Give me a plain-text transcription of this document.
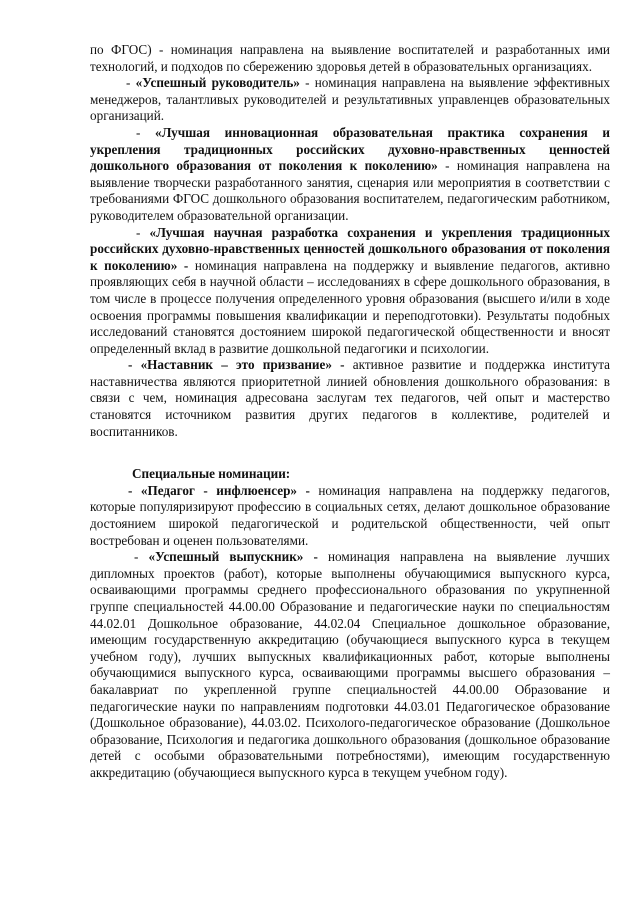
по ФГОС) - номинация направлена на выявление воспитателей и разработанных ими технологий, и подходов по сбережению здоровья детей в образовательных организациях.

- «Успешный руководитель» - номинация направлена на выявление эффективных менеджеров, талантливых руководителей и результативных управленцев образовательных организаций.

- «Лучшая инновационная образовательная практика сохранения и укрепления традиционных российских духовно-нравственных ценностей дошкольного образования от поколения к поколению» - номинация направлена на выявление творчески разработанного занятия, сценария или мероприятия в соответствии с требованиями ФГОС дошкольного образования воспитателем, педагогическим работником, руководителем образовательной организации.

- «Лучшая научная разработка сохранения и укрепления традиционных российских духовно-нравственных ценностей дошкольного образования от поколения к поколению» - номинация направлена на поддержку и выявление педагогов, активно проявляющих себя в научной области – исследованиях в сфере дошкольного образования, в том числе в процессе получения определенного уровня образования (высшего и/или в ходе освоения программы повышения квалификации и переподготовки). Результаты подобных исследований становятся достоянием широкой педагогической общественности и вносят определенный вклад в развитие дошкольной педагогики и психологии.

- «Наставник – это призвание» - активное развитие и поддержка института наставничества являются приоритетной линией обновления дошкольного образования: в связи с чем, номинация адресована заслугам тех педагогов, чей опыт и мастерство становятся источником развития других педагогов в коллективе, родителей и воспитанников.

Специальные номинации:

- «Педагог - инфлюенсер» - номинация направлена на поддержку педагогов, которые популяризируют профессию в социальных сетях, делают дошкольное образование достоянием широкой педагогической и родительской общественности, чей опыт востребован и оценен пользователями.

- «Успешный выпускник» - номинация направлена на выявление лучших дипломных проектов (работ), которые выполнены обучающимися выпускного курса, осваивающими программы среднего профессионального образования по укрупненной группе специальностей 44.00.00 Образование и педагогические науки по специальностям 44.02.01 Дошкольное образование, 44.02.04 Специальное дошкольное образование, имеющим государственную аккредитацию (обучающиеся выпускного курса в текущем учебном году), лучших выпускных квалификационных работ, которые выполнены обучающимися выпускного курса, осваивающими программы высшего образования – бакалавриат по укрепленной группе специальностей 44.00.00 Образование и педагогические науки по направлениям подготовки 44.03.01 Педагогическое образование (Дошкольное образование), 44.03.02. Психолого-педагогическое образование (Дошкольное образование, Психология и педагогика дошкольного образования (дошкольное образование детей с особыми образовательными потребностями), имеющим государственную аккредитацию (обучающиеся выпускного курса в текущем учебном году).
